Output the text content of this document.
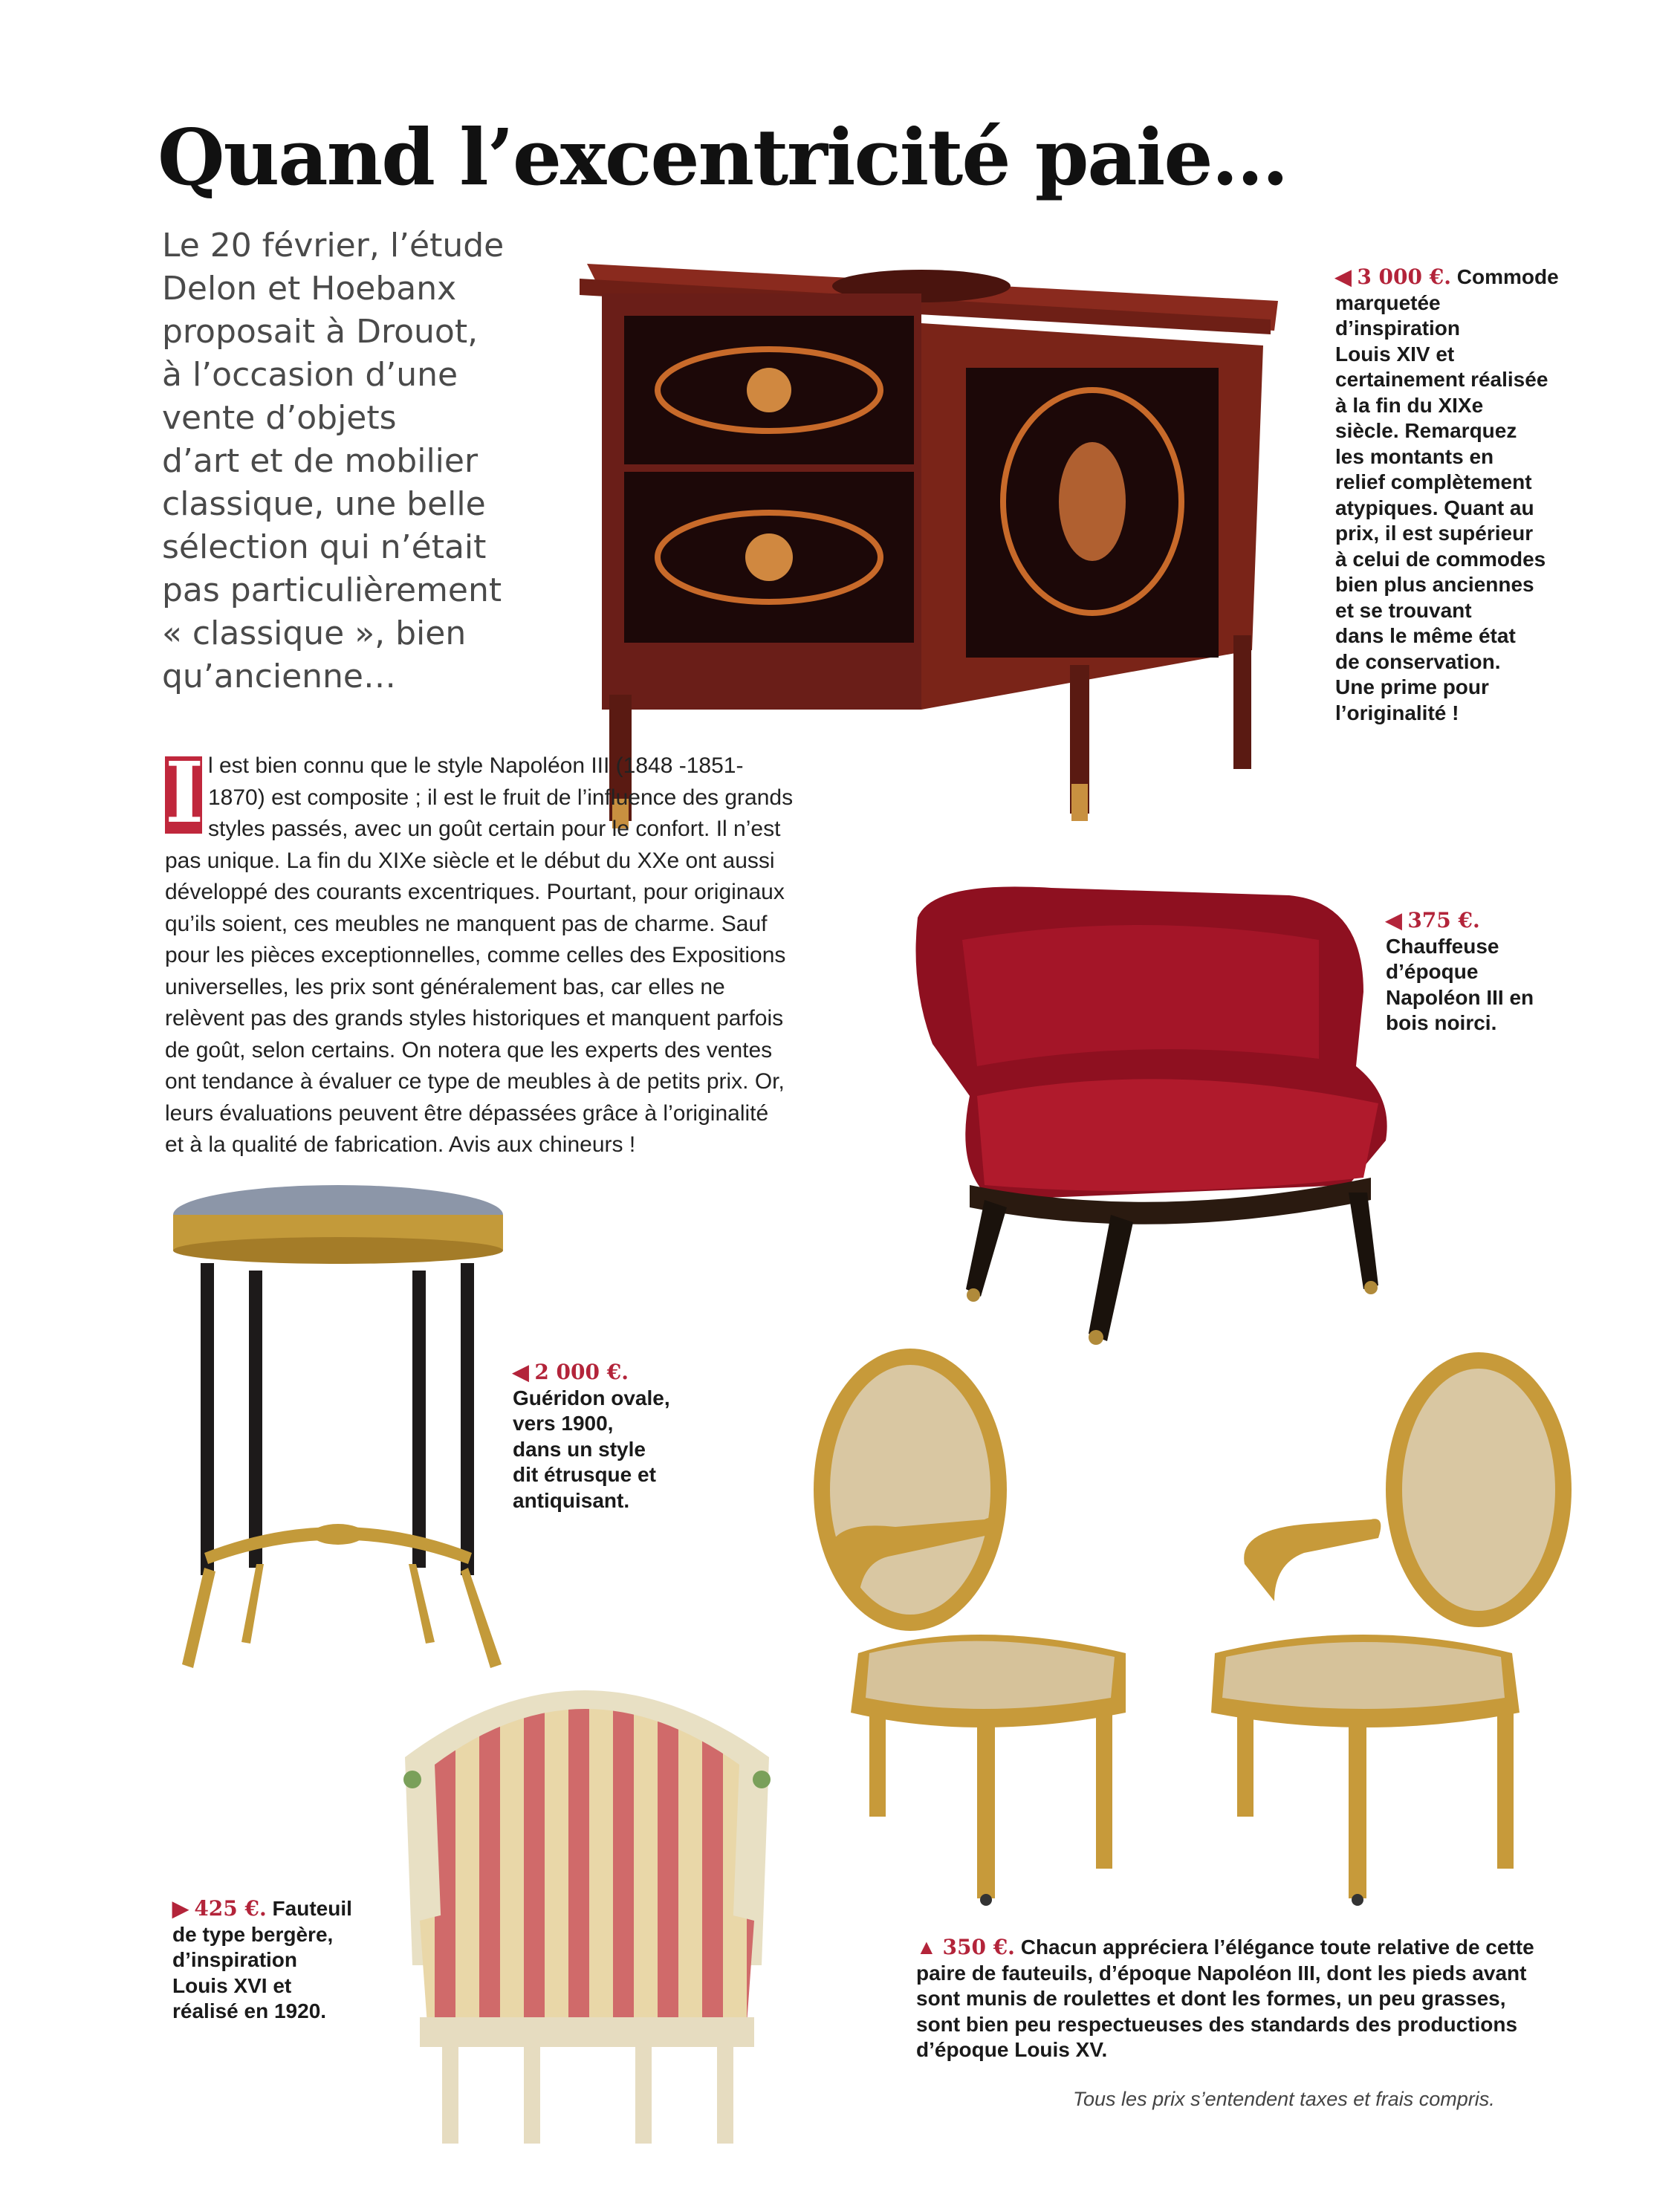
Quand l’excentricité paie…
Le 20 février, l’étude
Delon et Hoebanx
proposait à Drouot,
à l’occasion d’une
vente d’objets
d’art et de mobilier
classique, une belle
sélection qui n’était
pas particulièrement
« classique », bien
qu’ancienne…
◀ 3 000 €. Commode
marquetée
d’inspiration
Louis XIV et
certainement réalisée
à la fin du XIXe
siècle. Remarquez
les montants en
relief complètement
atypiques. Quant au
prix, il est supérieur
à celui de commodes
bien plus anciennes
et se trouvant
dans le même état
de conservation.
Une prime pour
l’originalité !
I l est bien connu que le style Napoléon III (1848 -1851-
1870) est composite ; il est le fruit de l’influence des grands
styles passés, avec un goût certain pour le confort. Il n’est
pas unique. La fin du XIXe siècle et le début du XXe ont aussi
développé des courants excentriques. Pourtant, pour originaux
qu’ils soient, ces meubles ne manquent pas de charme. Sauf
pour les pièces exceptionnelles, comme celles des Expositions
universelles, les prix sont généralement bas, car elles ne
relèvent pas des grands styles historiques et manquent parfois
de goût, selon certains. On notera que les experts des ventes
ont tendance à évaluer ce type de meubles à de petits prix. Or,
leurs évaluations peuvent être dépassées grâce à l’originalité
et à la qualité de fabrication. Avis aux chineurs !
◀ 375 €.
Chauffeuse
d’époque
Napoléon III en
bois noirci.
◀ 2 000 €.
Guéridon ovale,
vers 1900,
dans un style
dit étrusque et
antiquisant.
▶ 425 €. Fauteuil
de type bergère,
d’inspiration
Louis XVI et
réalisé en 1920.
▲ 350 €. Chacun appréciera l’élégance toute relative de cette
paire de fauteuils, d’époque Napoléon III, dont les pieds avant
sont munis de roulettes et dont les formes, un peu grasses,
sont bien peu respectueuses des standards des productions
d’époque Louis XV.
Tous les prix s’entendent taxes et frais compris.
